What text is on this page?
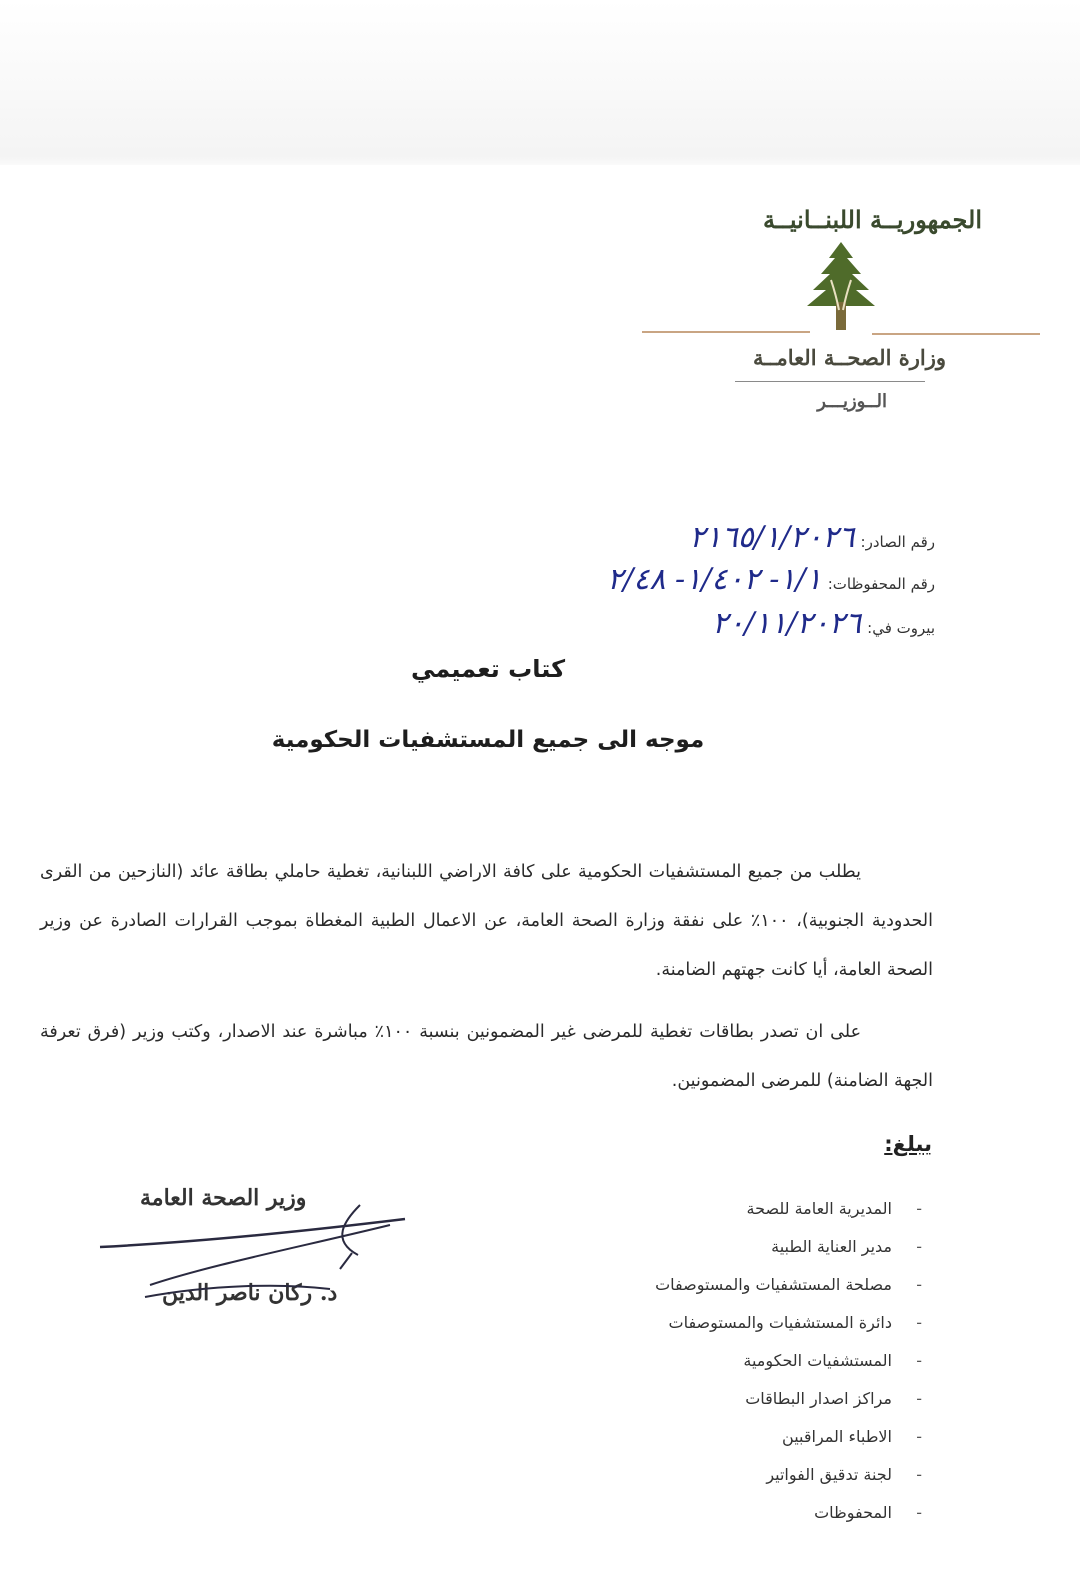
الجمهوريــة اللبنــانيــة
وزارة الصحــة العامــة
الــوزيـــر
رقم الصادر:
٢١٦٥/١/٢٠٢٦
رقم المحفوظات:
١/١- ١/٤٠٢- ٢/٤٨
بيروت في:
٢٠/١١/٢٠٢٦
كتاب تعميمي
موجه الى جميع المستشفيات الحكومية

يطلب من جميع المستشفيات الحكومية على كافة الاراضي اللبنانية، تغطية حاملي بطاقة عائد (النازحين من القرى الحدودية الجنوبية)، ١٠٠٪ على نفقة وزارة الصحة العامة، عن الاعمال الطبية المغطاة بموجب القرارات الصادرة عن وزير الصحة العامة، أيا كانت جهتهم الضامنة.

على ان تصدر بطاقات تغطية للمرضى غير المضمونين بنسبة ١٠٠٪ مباشرة عند الاصدار، وكتب وزير (فرق تعرفة الجهة الضامنة) للمرضى المضمونين.

يبلغ:
- المديرية العامة للصحة
- مدير العناية الطبية
- مصلحة المستشفيات والمستوصفات
- دائرة المستشفيات والمستوصفات
- المستشفيات الحكومية
- مراكز اصدار البطاقات
- الاطباء المراقبين
- لجنة تدقيق الفواتير
- المحفوظات
وزير الصحة العامة
د. ركان ناصر الدين
